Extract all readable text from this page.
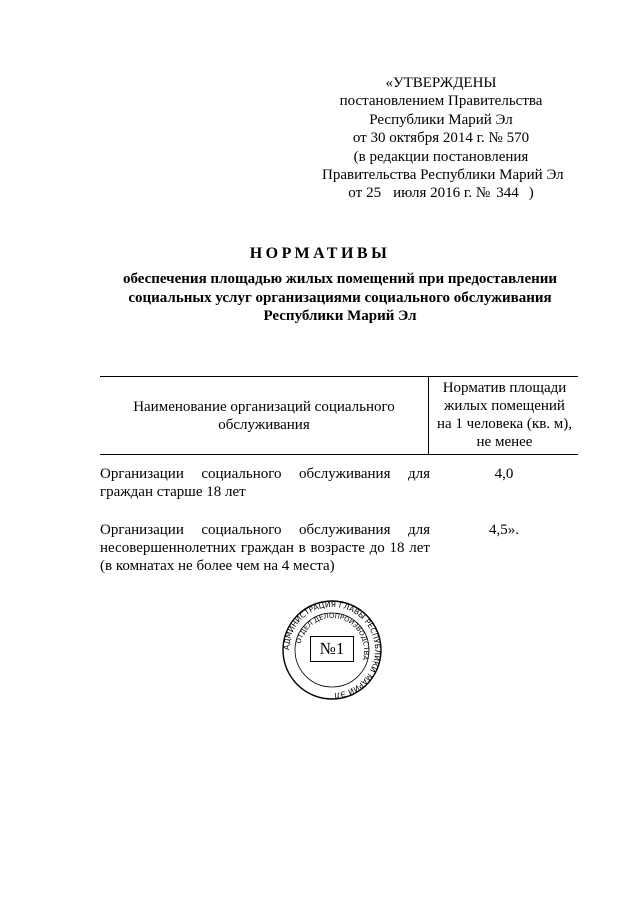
«УТВЕРЖДЕНЫ
постановлением Правительства
Республики Марий Эл
от 30 октября 2014 г. № 570
(в редакции постановления
Правительства Республики Марий Эл
от 25 июля 2016 г. № 344 )
НОРМАТИВЫ
обеспечения площадью жилых помещений при предоставлении
социальных услуг организациями социального обслуживания
Республики Марий Эл
Наименование организаций социального
обслуживания
Норматив площади
жилых помещений
на 1 человека (кв. м),
не менее
Организации социального обслуживания для граждан старше 18 лет
4,0
Организации социального обслуживания для несовершеннолетних граждан в возрасте до 18 лет (в комнатах не более чем на 4 места)
4,5».
АДМИНИСТРАЦИЯ ГЛАВЫ РЕСПУБЛИКИ МАРИЙ ЭЛ
ОТДЕЛ ДЕЛОПРОИЗВОДСТВА
№1
